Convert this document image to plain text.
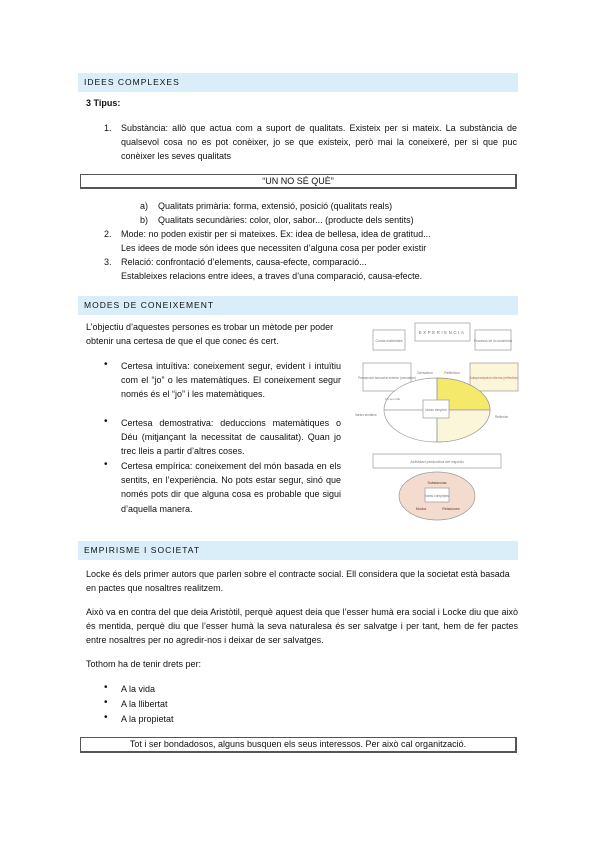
IDEES COMPLEXES
3 Tipus:
1. Substància: allò que actua com a suport de qualitats. Existeix per si mateix. La substància de qualsevol cosa no es pot conèixer, jo se que existeix, però mai la coneixeré, per si que puc conèixer les seves qualitats
“UN NO SÉ QUÈ”
a) Qualitats primària: forma, extensió, posició (qualitats reals)
b) Qualitats secundàries: color, olor, sabor... (producte dels sentits)
2. Mode: no poden existir per si mateixes. Ex: idea de bellesa, idea de gratitud...
Les idees de mode són idees que necessiten d’alguna cosa per poder existir
3. Relació: confrontació d’elements, causa-efecte, comparació...
Estableixes relacions entre idees, a traves d’una comparació, causa-efecte.
MODES DE CONEIXEMENT
L’objectiu d’aquestes persones es trobar un mètode per poder obtenir una certesa de que el que conec és cert.
• Certesa intuïtiva: coneixement segur, evident i intuïtiu com el “jo” o les matemàtiques. El coneixement segur només és el “jo” i les matemàtiques.
• Certesa demostrativa: deduccions matemàtiques o Déu (mitjançant la necessitat de causalitat). Quan jo trec lleis a partir d’altres coses.
• Certesa empírica: coneixement del món basada en els sentits, en l’experiència. No pots estar segur, sinó que només pots dir que alguna cosa es probable que sigui d’aquella manera.
EXPERIENCIA
Cosas materiales	Procesos de la conciencia
Percepción sensorial exterior (sensation)	Autopercepción interna (reflection)
Sensation	Reflection
Un sen tido
Varios sentidos	Reflexion
Ideas simples
Actividad productiva del espíritu
Substancias
Ideas complejas
Modos	Relaciones
EMPIRISME I SOCIETAT
Locke és dels primer autors que parlen sobre el contracte social. Ell considera que la societat està basada en pactes que nosaltres realitzem.
Això va en contra del que deia Aristòtil, perquè aquest deia que l’esser humà era social i Locke diu que això és mentida, perquè diu que l’esser humà la seva naturalesa és ser salvatge i per tant, hem de fer pactes entre nosaltres per no agredir-nos i deixar de ser salvatges.
Tothom ha de tenir drets per:
• A la vida
• A la llibertat
• A la propietat
Tot i ser bondadosos, alguns busquen els seus interessos. Per això cal organització.
